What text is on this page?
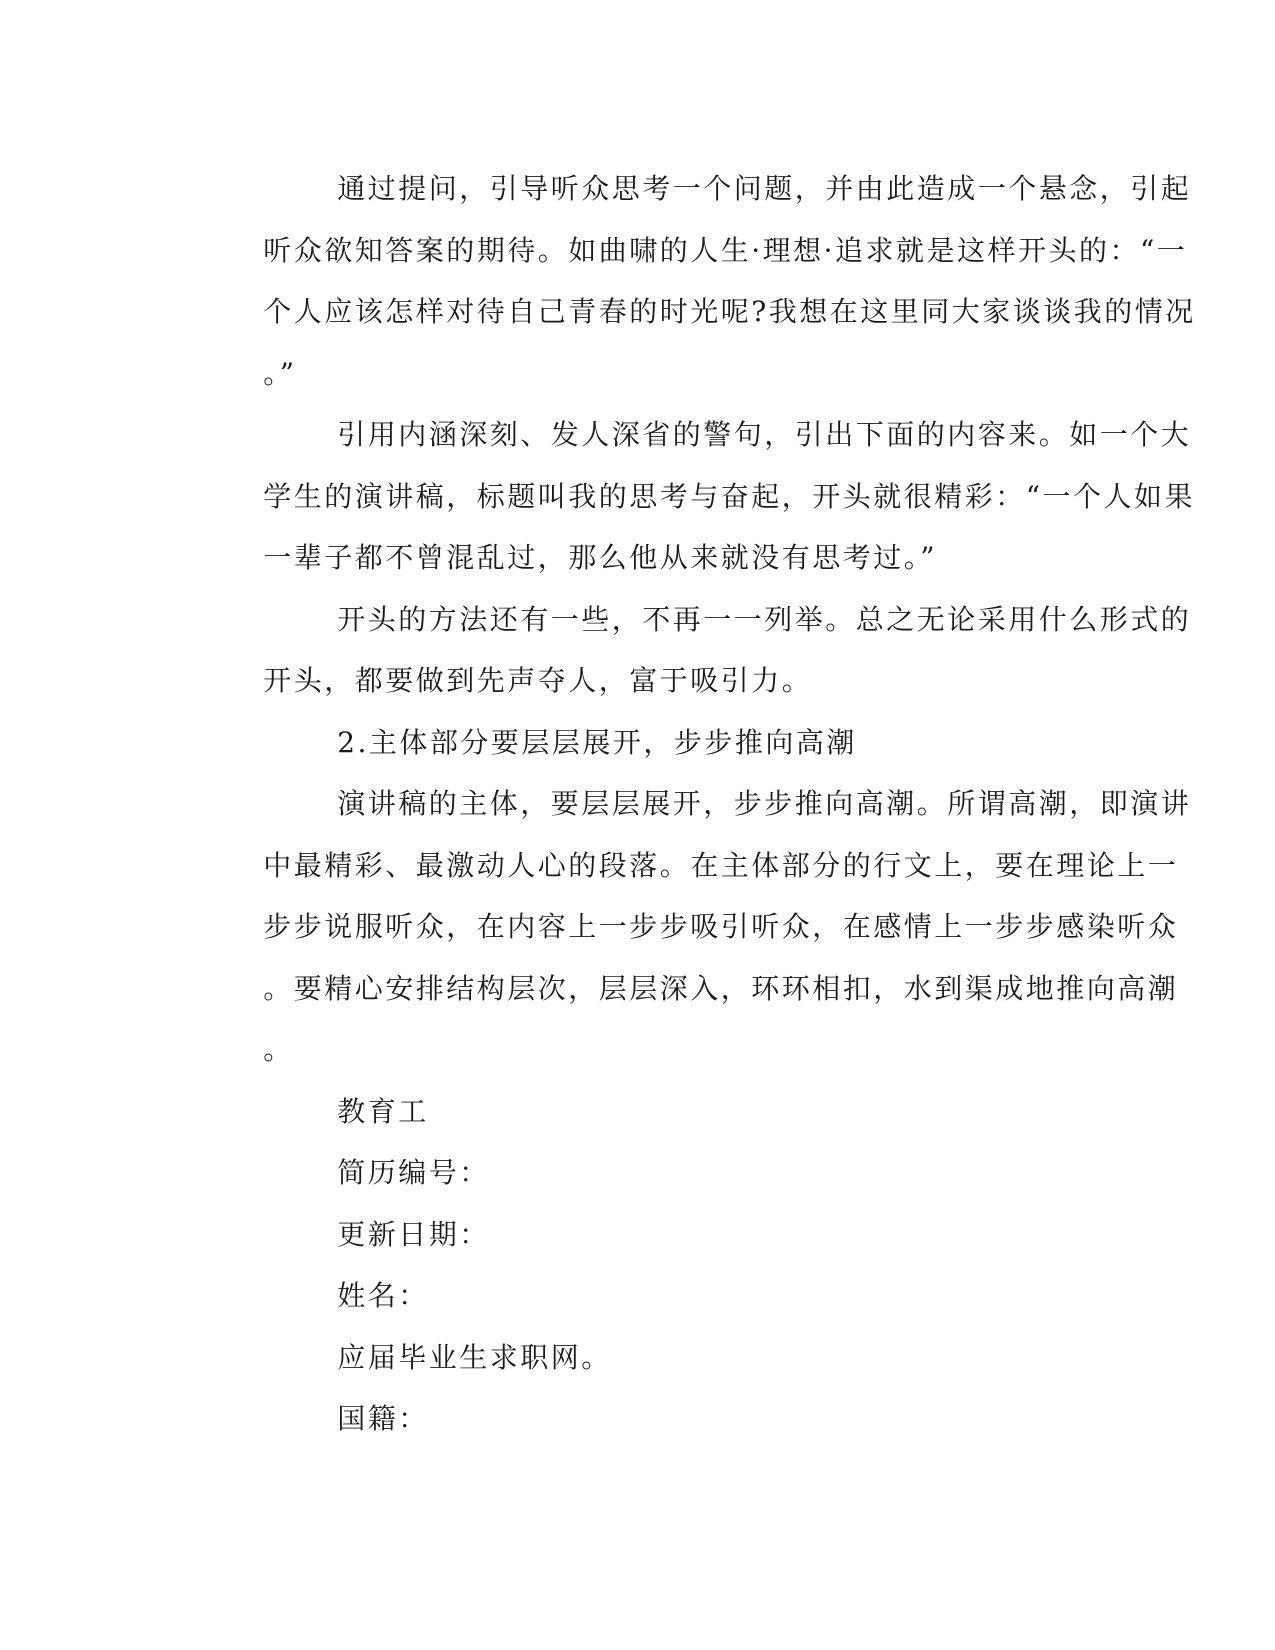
通过提问，引导听众思考一个问题，并由此造成一个悬念，引起
听众欲知答案的期待。如曲啸的人生·理想·追求就是这样开头的：“一
个人应该怎样对待自己青春的时光呢?我想在这里同大家谈谈我的情况
。”

引用内涵深刻、发人深省的警句，引出下面的内容来。如一个大
学生的演讲稿，标题叫我的思考与奋起，开头就很精彩：“一个人如果
一辈子都不曾混乱过，那么他从来就没有思考过。”

开头的方法还有一些，不再一一列举。总之无论采用什么形式的
开头，都要做到先声夺人，富于吸引力。

2.主体部分要层层展开，步步推向高潮

演讲稿的主体，要层层展开，步步推向高潮。所谓高潮，即演讲
中最精彩、最激动人心的段落。在主体部分的行文上，要在理论上一
步步说服听众，在内容上一步步吸引听众，在感情上一步步感染听众
。要精心安排结构层次，层层深入，环环相扣，水到渠成地推向高潮
。

教育工

简历编号：

更新日期：

姓名：

应届毕业生求职网。

国籍：
